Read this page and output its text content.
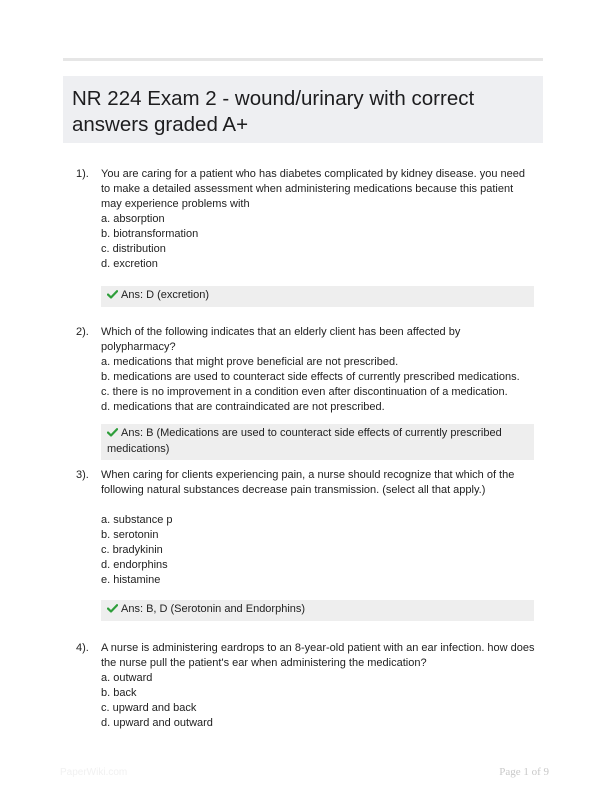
NR 224 Exam 2 - wound/urinary with correct answers graded A+
1). You are caring for a patient who has diabetes complicated by kidney disease. you need to make a detailed assessment when administering medications because this patient may experience problems with

a. absorption
b. biotransformation
c. distribution
d. excretion
Ans: D (excretion)
2). Which of the following indicates that an elderly client has been affected by polypharmacy?

a. medications that might prove beneficial are not prescribed.
b. medications are used to counteract side effects of currently prescribed medications.
c. there is no improvement in a condition even after discontinuation of a medication.
d. medications that are contraindicated are not prescribed.
Ans: B (Medications are used to counteract side effects of currently prescribed medications)
3). When caring for clients experiencing pain, a nurse should recognize that which of the following natural substances decrease pain transmission. (select all that apply.)

a. substance p
b. serotonin
c. bradykinin
d. endorphins
e. histamine
Ans: B, D (Serotonin and Endorphins)
4). A nurse is administering eardrops to an 8-year-old patient with an ear infection. how does the nurse pull the patient's ear when administering the medication?

a. outward
b. back
c. upward and back
d. upward and outward
PaperWiki.com	Page 1 of 9
